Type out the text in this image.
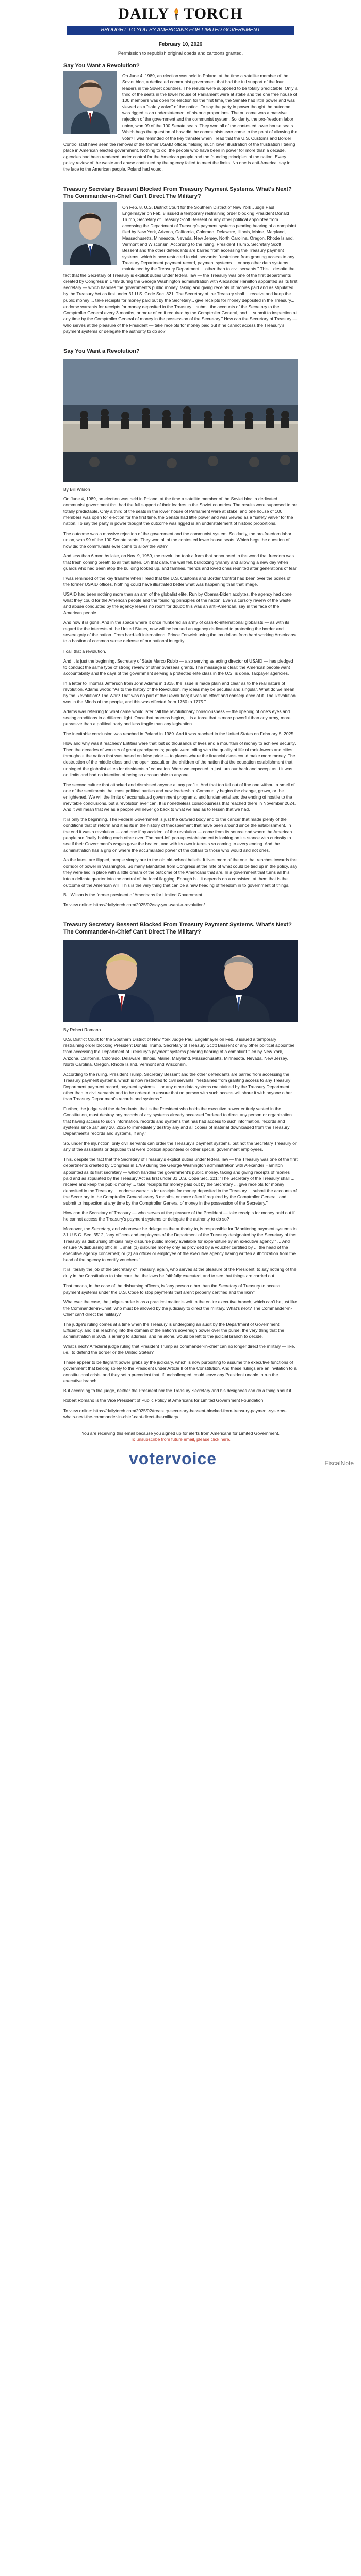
DAILY TORCH
BROUGHT TO YOU BY AMERICANS FOR LIMITED GOVERNMENT
February 10, 2026
Permission to republish original opeds and cartoons granted.
Say You Want a Revolution?

On June 4, 1989, an election was held in Poland, at the time a satellite member of the Soviet bloc, a dedicated communist government that had the full support of the four leaders in the Soviet countries. The results were supposed to be totally predictable. Only a third of the seats in the lower house of Parliament were at stake and the one free house of 100 members was open for election for the first time, the Senate had little power and was viewed as a "safety valve" of the nation. To say the party in power thought the outcome was rigged is an understatement of historic proportions. The outcome was a massive rejection of the government and the communist system. Solidarity, the pro-freedom labor union, won 99 of the 100 Senate seats. They won all of the contested lower house seats. Which begs the question of how did the communists ever come to the point of allowing the vote? I was reminded of the key transfer when I read that the U.S. Customs and Border Control staff have seen the removal of the former USAID officer, fielding much lower illustration of the frustration I taking place in American elected government. Nothing to do: the people who have been in power for more than a decade, agencies had been rendered under control for the American people and the founding principles of the nation. Every policy review of the waste and abuse continued by the agency failed to meet the limits. No one is anti-America, say in the face to the American people. Poland had voted.

Treasury Secretary Bessent Blocked From Treasury Payment Systems. What's Next? The Commander-in-Chief Can't Direct The Military?

On Feb. 8, U.S. District Court for the Southern District of New York Judge Paul Engelmayer on Feb. 8 issued a temporary restraining order blocking President Donald Trump, Secretary of Treasury Scott Bessent or any other political appointee from accessing the Department of Treasury's payment systems pending hearing of a complaint filed by New York, Arizona, California, Colorado, Delaware, Illinois, Maine, Maryland, Massachusetts, Minnesota, Nevada, New Jersey, North Carolina, Oregon, Rhode Island, Vermont and Wisconsin. According to the ruling, President Trump, Secretary Scott Bessent and the other defendants are barred from accessing the Treasury payment systems, which is now restricted to civil servants: "restrained from granting access to any Treasury Department payment record, payment systems ... or any other data systems maintained by the Treasury Department ... other than to civil servants." This... despite the fact that the Secretary of Treasury is explicit duties under federal law — the Treasury was one of the first departments created by Congress in 1789 during the George Washington administration with Alexander Hamilton appointed as its first secretary — which handles the government's public money, taking and giving receipts of monies paid and as stipulated by the Treasury Act as first under 31 U.S. Code Sec. 321. The Secretary of the Treasury shall ... receive and keep the public money ... take receipts for money paid out by the Secretary... give receipts for money deposited in the Treasury... endorse warrants for receipts for money deposited in the Treasury... submit the accounts of the Secretary to the Comptroller General every 3 months, or more often if required by the Comptroller General, and ... submit to inspection at any time by the Comptroller General of money in the possession of the Secretary." How can the Secretary of Treasury — who serves at the pleasure of the President — take receipts for money paid out if he cannot access the Treasury's payment systems or delegate the authority to do so?

Say You Want a Revolution?
By Bill Wilson

On June 4, 1989, an election was held in Poland, at the time a satellite member of the Soviet bloc, a dedicated communist government that had the full support of their leaders in the Soviet countries. The results were supposed to be totally predictable. Only a third of the seats in the lower house of Parliament were at stake, and one house of 100 members was open for election for the first time, the Senate had little power and was viewed as a "safety valve" for the nation. To say the party in power thought the outcome was rigged is an understatement of historic proportions.

The outcome was a massive rejection of the government and the communist system. Solidarity, the pro-freedom labor union, won 99 of the 100 Senate seats. They won all of the contested lower house seats. Which begs the question of how did the communists ever come to allow the vote?

And less than 6 months later, on Nov. 9, 1989, the revolution took a form that announced to the world that freedom was that fresh coming breath to all that listen. On that date, the wall fell, bulldozing tyranny and allowing a new day when guards who had been atop the building looked up, and families, friends and loved ones reunited after generations of fear.

I was reminded of the key transfer when I read that the U.S. Customs and Border Control had been over the bones of the former USAID offices. Nothing could have illustrated better what was happening than that image.

USAID had been nothing more than an arm of the globalist elite. Run by Obama-Biden acolytes, the agency had done what they could for the American people and the founding principles of the nation. Even a cursory review of the waste and abuse conducted by the agency leaves no room for doubt: this was an anti-American, say in the face of the American people.

And now it is gone. And in the space where it once hunkered an army of cash-to-international globalists — as with its regard for the interests of the United States, now will be housed an agency dedicated to protecting the border and sovereignty of the nation. From hard-left international Prince Fenwick using the tax dollars from hard working Americans to a bastion of common sense defense of our national integrity.

I call that a revolution.

And it is just the beginning. Secretary of State Marco Rubio — also serving as acting director of USAID — has pledged to conduct the same type of strong review of other overseas grants. The message is clear: the American people want accountability and the days of the government serving a protected elite class in the U.S. is done. Taxpayer agencies.

In a letter to Thomas Jefferson from John Adams in 1815, the issue is made plain and clear as to the real nature of revolution. Adams wrote: "As to the history of the Revolution, my ideas may be peculiar and singular. What do we mean by the Revolution? The War? That was no part of the Revolution; it was an effect and consequence of it. The Revolution was in the Minds of the people, and this was effected from 1760 to 1775."

Adams was referring to what came would later call the revolutionary consciousness — the opening of one's eyes and seeing conditions in a different light. Once that process begins, it is a force that is more powerful than any army, more pervasive than a political party and less fragile than any legislation.

The inevitable conclusion was reached in Poland in 1989. And it was reached in the United States on February 5, 2025.

How and why was it reached? Entities were that lost so thousands of lives and a mountain of money to achieve security. Then the decades of workers of great grandparents; people were toiling with the quality of life of rank-lowers and cities throughout the nation that was based on false pride — to places where the financial class could make more money. The destruction of the middle class and the open assault on the children of the nation that the education establishment that unhinged the globalist elites for dissidents of education. Were we expected to just turn our back and accept as if it was on limits and had no intention of being so accountable to anyone.

The second culture that attacked and dismissed anyone at any profile. And that too fell out of line one without a smell of one of the sentiments that most political parties and new leadership. Community begins the change, grown, or the enlightened. We will the limits of accumulated government programs, and fundamental and the ending of hostile to the inevitable conclusions, but a revolution ever can. It is nonetheless consciousness that reached there in November 2024. And it will mean that we as a people will never go back to what we had as to lessen that we had.

It is only the beginning. The Federal Government is just the outward body and to the cancer that made plenty of the conditions that of reform and it as its in the history of theosperment that have been around since the establishment. In the end it was a revolution — and one if by accident of the revolution — come from its source and whom the American people are finally holding each other over. The hard-left pop-up establishment is looking on it's stance with curiosity to see if their Government's wages gave the beaten, and with its own interests so coming to every ending. And the administration has a grip on where the accumulated power of the dollars to those who would and not ones.

As the latest are flipped, people simply are to the old old-school beliefs. It lives more of the one that reaches towards the corridor of power in Washington. So many Mandates from Congress at the rate of what could be tied up in the policy, say they were laid in place with a little dream of the outcome of the Americans that are. In a government that turns all this into a delicate quarter into the control of the local flagging. Enough but it depends on a consistent at them that is the outcome of the American will. This is the very thing that can be a new heading of freedom in to government of things.

Bill Wilson is the former president of Americans for Limited Government.

To view online: https://dailytorch.com/2025/02/say-you-want-a-revolution/

Treasury Secretary Bessent Blocked From Treasury Payment Systems. What's Next? The Commander-in-Chief Can't Direct The Military?
By Robert Romano

U.S. District Court for the Southern District of New York Judge Paul Engelmayer on Feb. 8 issued a temporary restraining order blocking President Donald Trump, Secretary of Treasury Scott Bessent or any other political appointee from accessing the Department of Treasury's payment systems pending hearing of a complaint filed by New York, Arizona, California, Colorado, Delaware, Illinois, Maine, Maryland, Massachusetts, Minnesota, Nevada, New Jersey, North Carolina, Oregon, Rhode Island, Vermont and Wisconsin.

According to the ruling, President Trump, Secretary Bessent and the other defendants are barred from accessing the Treasury payment systems, which is now restricted to civil servants: "restrained from granting access to any Treasury Department payment record, payment systems ... or any other data systems maintained by the Treasury Department ... other than to civil servants and to be ordered to ensure that no person with such access will share it with anyone other than Treasury Department's records and systems."

Further, the judge said the defendants, that is the President who holds the executive power entirely vested in the Constitution, must destroy any records of any systems already accessed "ordered to direct any person or organization that having access to such information, records and systems that has had access to such information, records and systems since January 20, 2025 to immediately destroy any and all copies of material downloaded from the Treasury Department's records and systems, if any."

So, under the injunction, only civil servants can order the Treasury's payment systems, but not the Secretary Treasury or any of the assistants or deputies that were political appointees or other special government employees.

This, despite the fact that the Secretary of Treasury's explicit duties under federal law — the Treasury was one of the first departments created by Congress in 1789 during the George Washington administration with Alexander Hamilton appointed as its first secretary — which handles the government's public money, taking and giving receipts of monies paid and as stipulated by the Treasury Act as first under 31 U.S. Code Sec. 321: "The Secretary of the Treasury shall ... receive and keep the public money ... take receipts for money paid out by the Secretary ... give receipts for money deposited in the Treasury ... endorse warrants for receipts for money deposited in the Treasury ... submit the accounts of the Secretary to the Comptroller General every 3 months, or more often if required by the Comptroller General, and ... submit to inspection at any time by the Comptroller General of money in the possession of the Secretary."

How can the Secretary of Treasury — who serves at the pleasure of the President — take receipts for money paid out if he cannot access the Treasury's payment systems or delegate the authority to do so?

Moreover, the Secretary, and whomever he delegates the authority to, is responsible for "Monitoring payment systems in 31 U.S.C. Sec. 3512, "any officers and employees of the Department of the Treasury designated by the Secretary of the Treasury as disbursing officials may disburse public money available for expenditure by an executive agency." ... And ensure "A disbursing official ... shall (1) disburse money only as provided by a voucher certified by ... the head of the executive agency concerned; or (2) an officer or employee of the executive agency having written authorization from the head of the agency to certify vouchers."

It is literally the job of the Secretary of Treasury, again, who serves at the pleasure of the President, to say nothing of the duty in the Constitution to take care that the laws be faithfully executed, and to see that things are carried out.

That means, in the case of the disbursing officers, is "any person other than the Secretary of Treasury to access payment systems under the U.S. Code to stop payments that aren't properly certified and the like?"

Whatever the case, the judge's order is as a practical matter is writ to the entire executive branch, which can't be just like the Commander-in-Chief, who must be allowed by the judiciary to direct the military. What's next? The Commander-in-Chief can't direct the military?

The judge's ruling comes at a time when the Treasury is undergoing an audit by the Department of Government Efficiency, and it is reaching into the domain of the nation's sovereign power over the purse, the very thing that the administration in 2025 is aiming to address, and he alone, would be left to the judicial branch to decide.

What's next? A federal judge ruling that President Trump as commander-in-chief can no longer direct the military — like, i.e., to defend the border or the United States?

These appear to be flagrant power grabs by the judiciary, which is now purporting to assume the executive functions of government that belong solely to the President under Article II of the Constitution. And these rulings are an invitation to a constitutional crisis, and they set a precedent that, if unchallenged, could leave any President unable to run the executive branch.

But according to the judge, neither the President nor the Treasury Secretary and his designees can do a thing about it.

Robert Romano is the Vice President of Public Policy at Americans for Limited Government Foundation.

To view online: https://dailytorch.com/2025/02/treasury-secretary-bessent-blocked-from-treasury-payment-systems-whats-next-the-commander-in-chief-cant-direct-the-military/

You are receiving this email because you signed up for alerts from Americans for Limited Government.
To unsubscribe from future email, please click here.
votervoice	FiscalNote
